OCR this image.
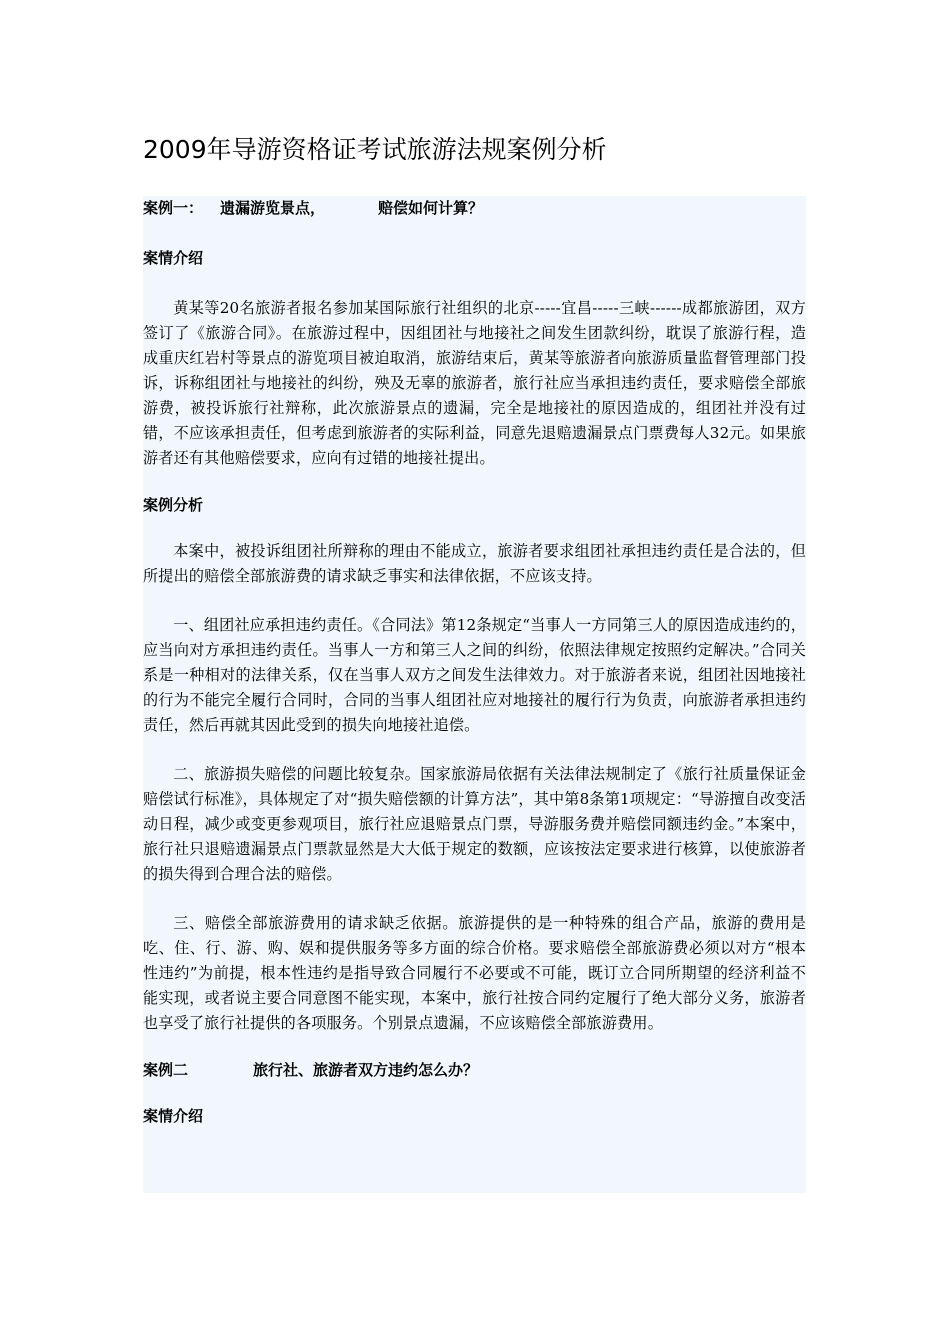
2009年导游资格证考试旅游法规案例分析
案例一： 遗漏游览景点，	赔偿如何计算？
案情介绍
黄某等20名旅游者报名参加某国际旅行社组织的北京-----宜昌-----三峡------成都旅游团，双方签订了《旅游合同》。在旅游过程中，因组团社与地接社之间发生团款纠纷，耽误了旅游行程，造成重庆红岩村等景点的游览项目被迫取消，旅游结束后，黄某等旅游者向旅游质量监督管理部门投诉，诉称组团社与地接社的纠纷，殃及无辜的旅游者，旅行社应当承担违约责任，要求赔偿全部旅游费，被投诉旅行社辩称，此次旅游景点的遗漏，完全是地接社的原因造成的，组团社并没有过错，不应该承担责任，但考虑到旅游者的实际利益，同意先退赔遗漏景点门票费每人32元。如果旅游者还有其他赔偿要求，应向有过错的地接社提出。
案例分析
本案中，被投诉组团社所辩称的理由不能成立，旅游者要求组团社承担违约责任是合法的，但所提出的赔偿全部旅游费的请求缺乏事实和法律依据，不应该支持。
一、组团社应承担违约责任。《合同法》第12条规定“当事人一方同第三人的原因造成违约的，应当向对方承担违约责任。当事人一方和第三人之间的纠纷，依照法律规定按照约定解决。”合同关系是一种相对的法律关系，仅在当事人双方之间发生法律效力。对于旅游者来说，组团社因地接社的行为不能完全履行合同时，合同的当事人组团社应对地接社的履行行为负责，向旅游者承担违约责任，然后再就其因此受到的损失向地接社追偿。
二、旅游损失赔偿的问题比较复杂。国家旅游局依据有关法律法规制定了《旅行社质量保证金赔偿试行标准》，具体规定了对“损失赔偿额的计算方法”，其中第8条第1项规定：“导游擅自改变活动日程，减少或变更参观项目，旅行社应退赔景点门票，导游服务费并赔偿同额违约金。”本案中，旅行社只退赔遗漏景点门票款显然是大大低于规定的数额，应该按法定要求进行核算，以使旅游者的损失得到合理合法的赔偿。
三、赔偿全部旅游费用的请求缺乏依据。旅游提供的是一种特殊的组合产品，旅游的费用是吃、住、行、游、购、娱和提供服务等多方面的综合价格。要求赔偿全部旅游费必须以对方“根本性违约”为前提，根本性违约是指导致合同履行不必要或不可能，既订立合同所期望的经济利益不能实现，或者说主要合同意图不能实现，本案中，旅行社按合同约定履行了绝大部分义务，旅游者也享受了旅行社提供的各项服务。个别景点遗漏，不应该赔偿全部旅游费用。
案例二	旅行社、旅游者双方违约怎么办？
案情介绍
